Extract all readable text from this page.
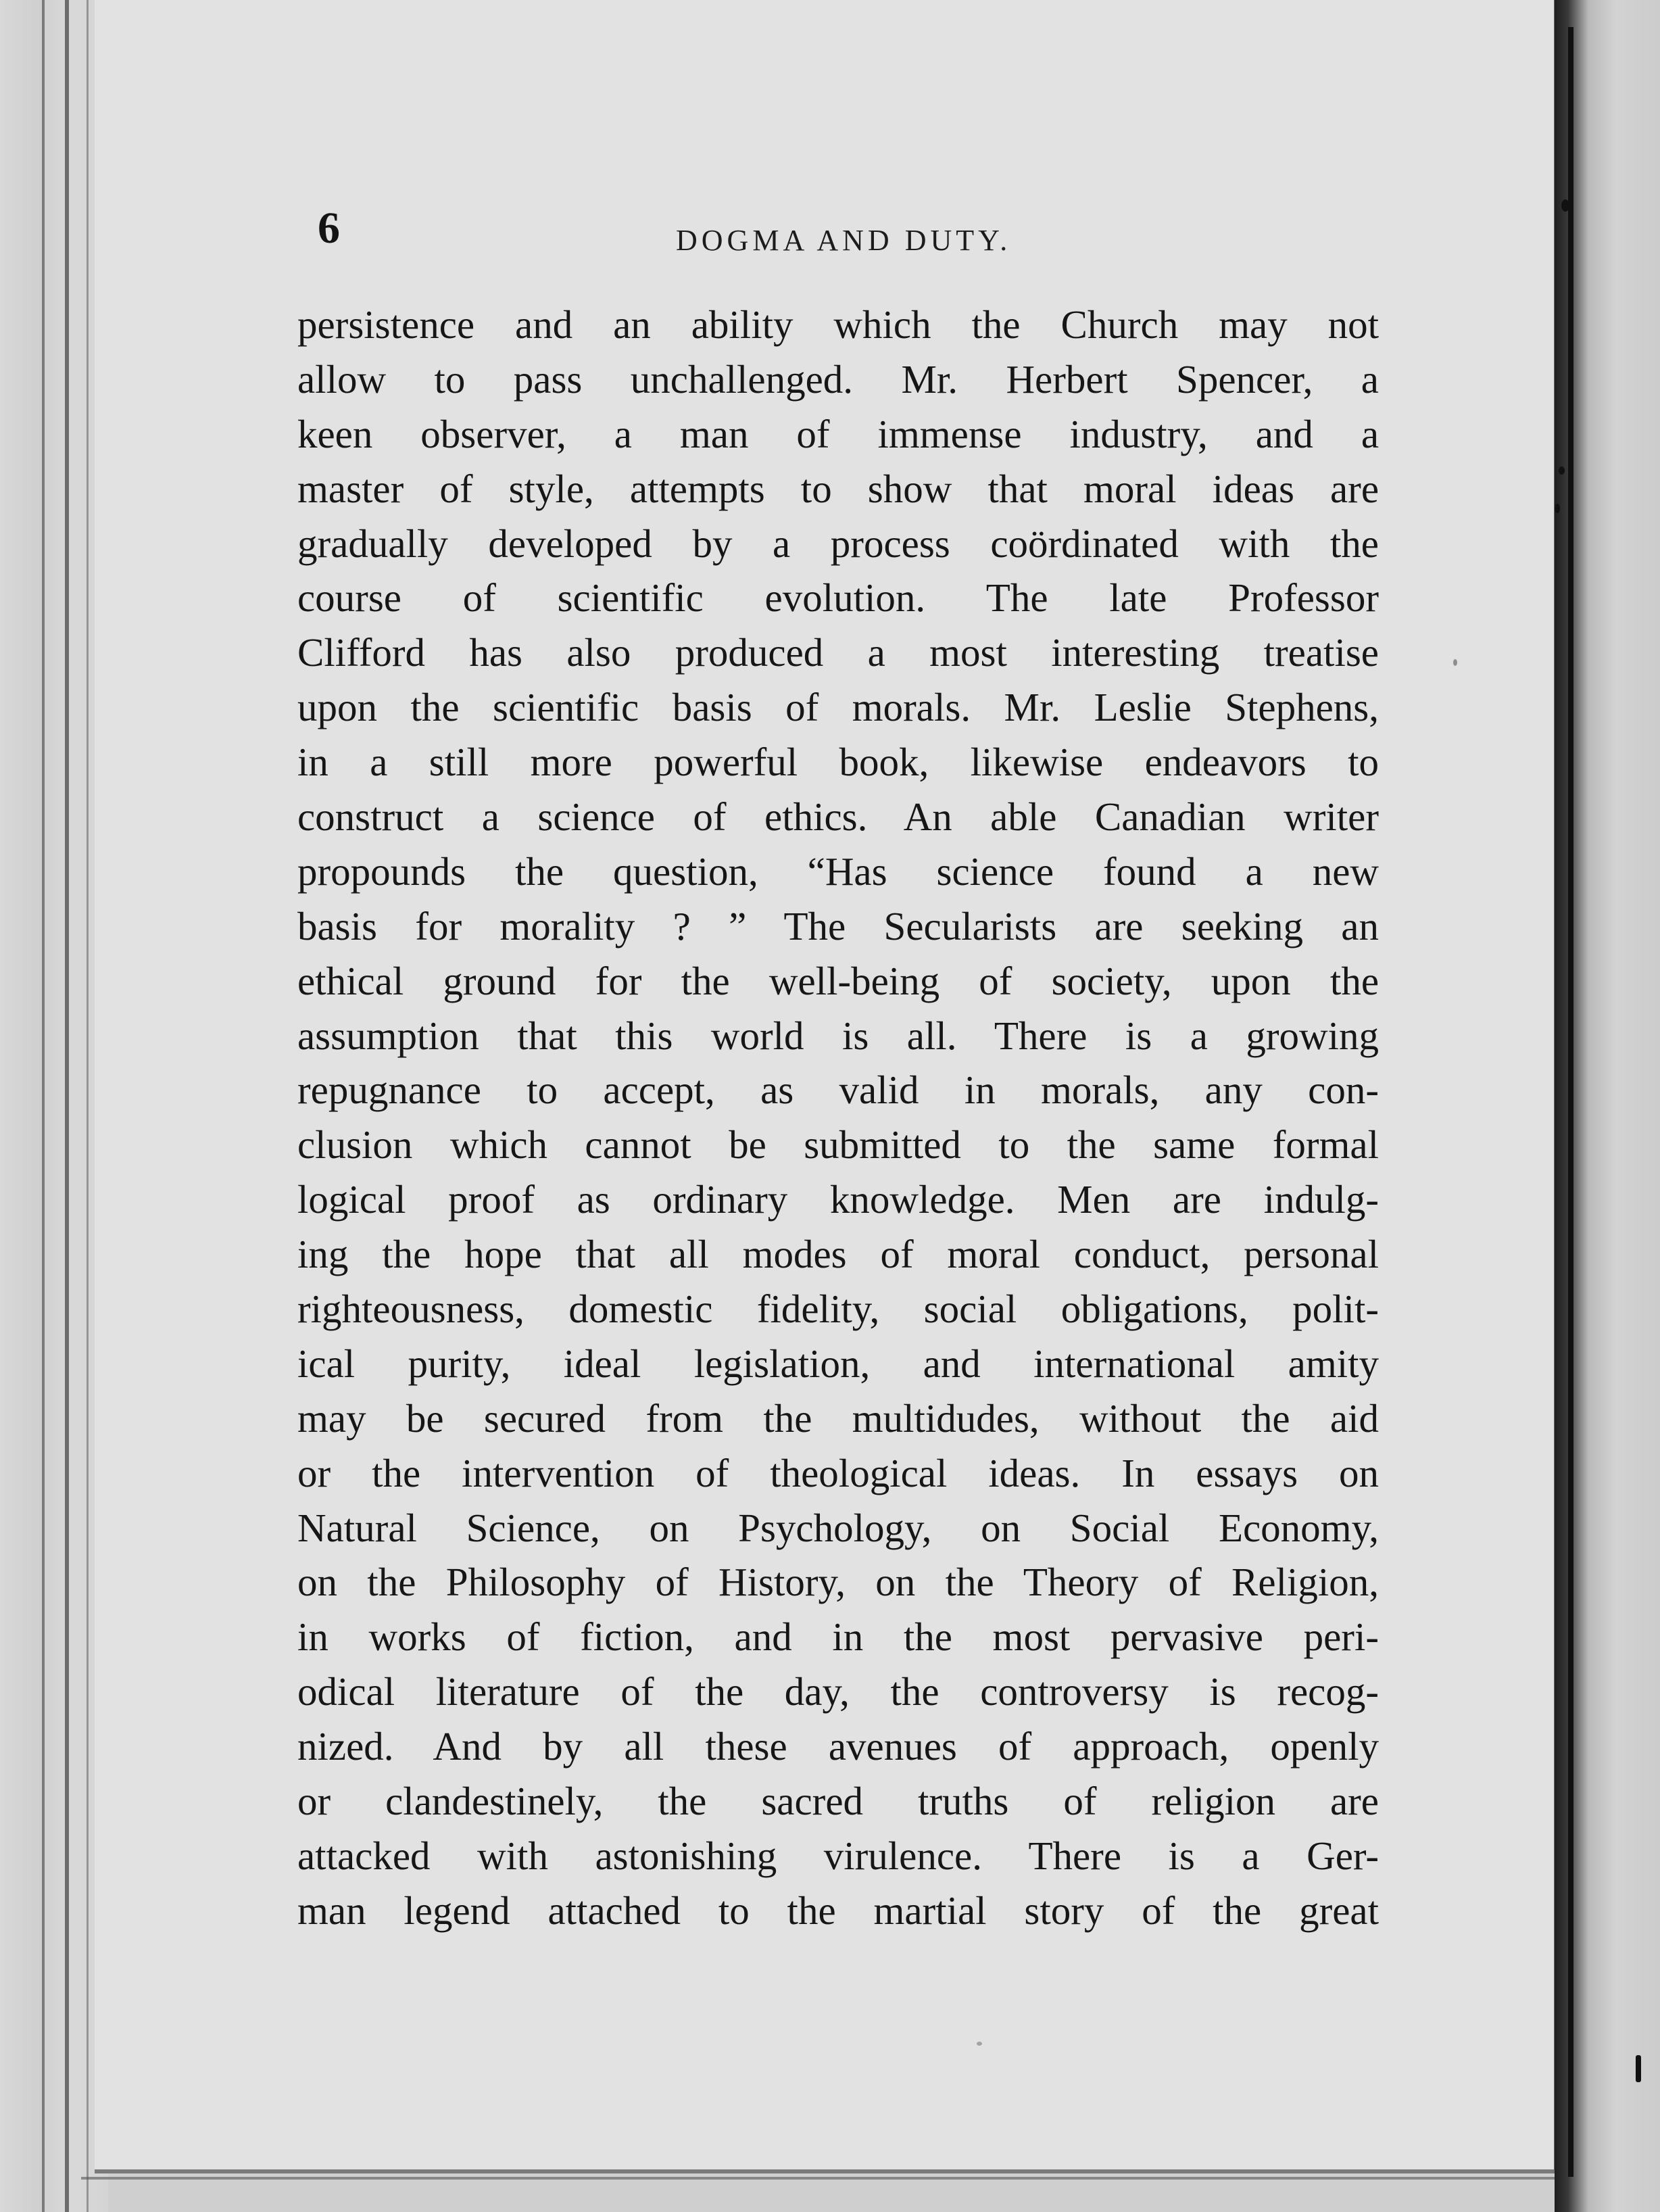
6	DOGMA AND DUTY.
persistence and an ability which the Church may not
allow to pass unchallenged. Mr. Herbert Spencer, a
keen observer, a man of immense industry, and a
master of style, attempts to show that moral ideas are
gradually developed by a process coördinated with the
course of scientific evolution. The late Professor
Clifford has also produced a most interesting treatise
upon the scientific basis of morals. Mr. Leslie Stephens,
in a still more powerful book, likewise endeavors to
construct a science of ethics. An able Canadian writer
propounds the question, “Has science found a new
basis for morality ? ” The Secularists are seeking an
ethical ground for the well-being of society, upon the
assumption that this world is all. There is a growing
repugnance to accept, as valid in morals, any con-
clusion which cannot be submitted to the same formal
logical proof as ordinary knowledge. Men are indulg-
ing the hope that all modes of moral conduct, personal
righteousness, domestic fidelity, social obligations, polit-
ical purity, ideal legislation, and international amity
may be secured from the multidudes, without the aid
or the intervention of theological ideas. In essays on
Natural Science, on Psychology, on Social Economy,
on the Philosophy of History, on the Theory of Religion,
in works of fiction, and in the most pervasive peri-
odical literature of the day, the controversy is recog-
nized. And by all these avenues of approach, openly
or clandestinely, the sacred truths of religion are
attacked with astonishing virulence. There is a Ger-
man legend attached to the martial story of the great
